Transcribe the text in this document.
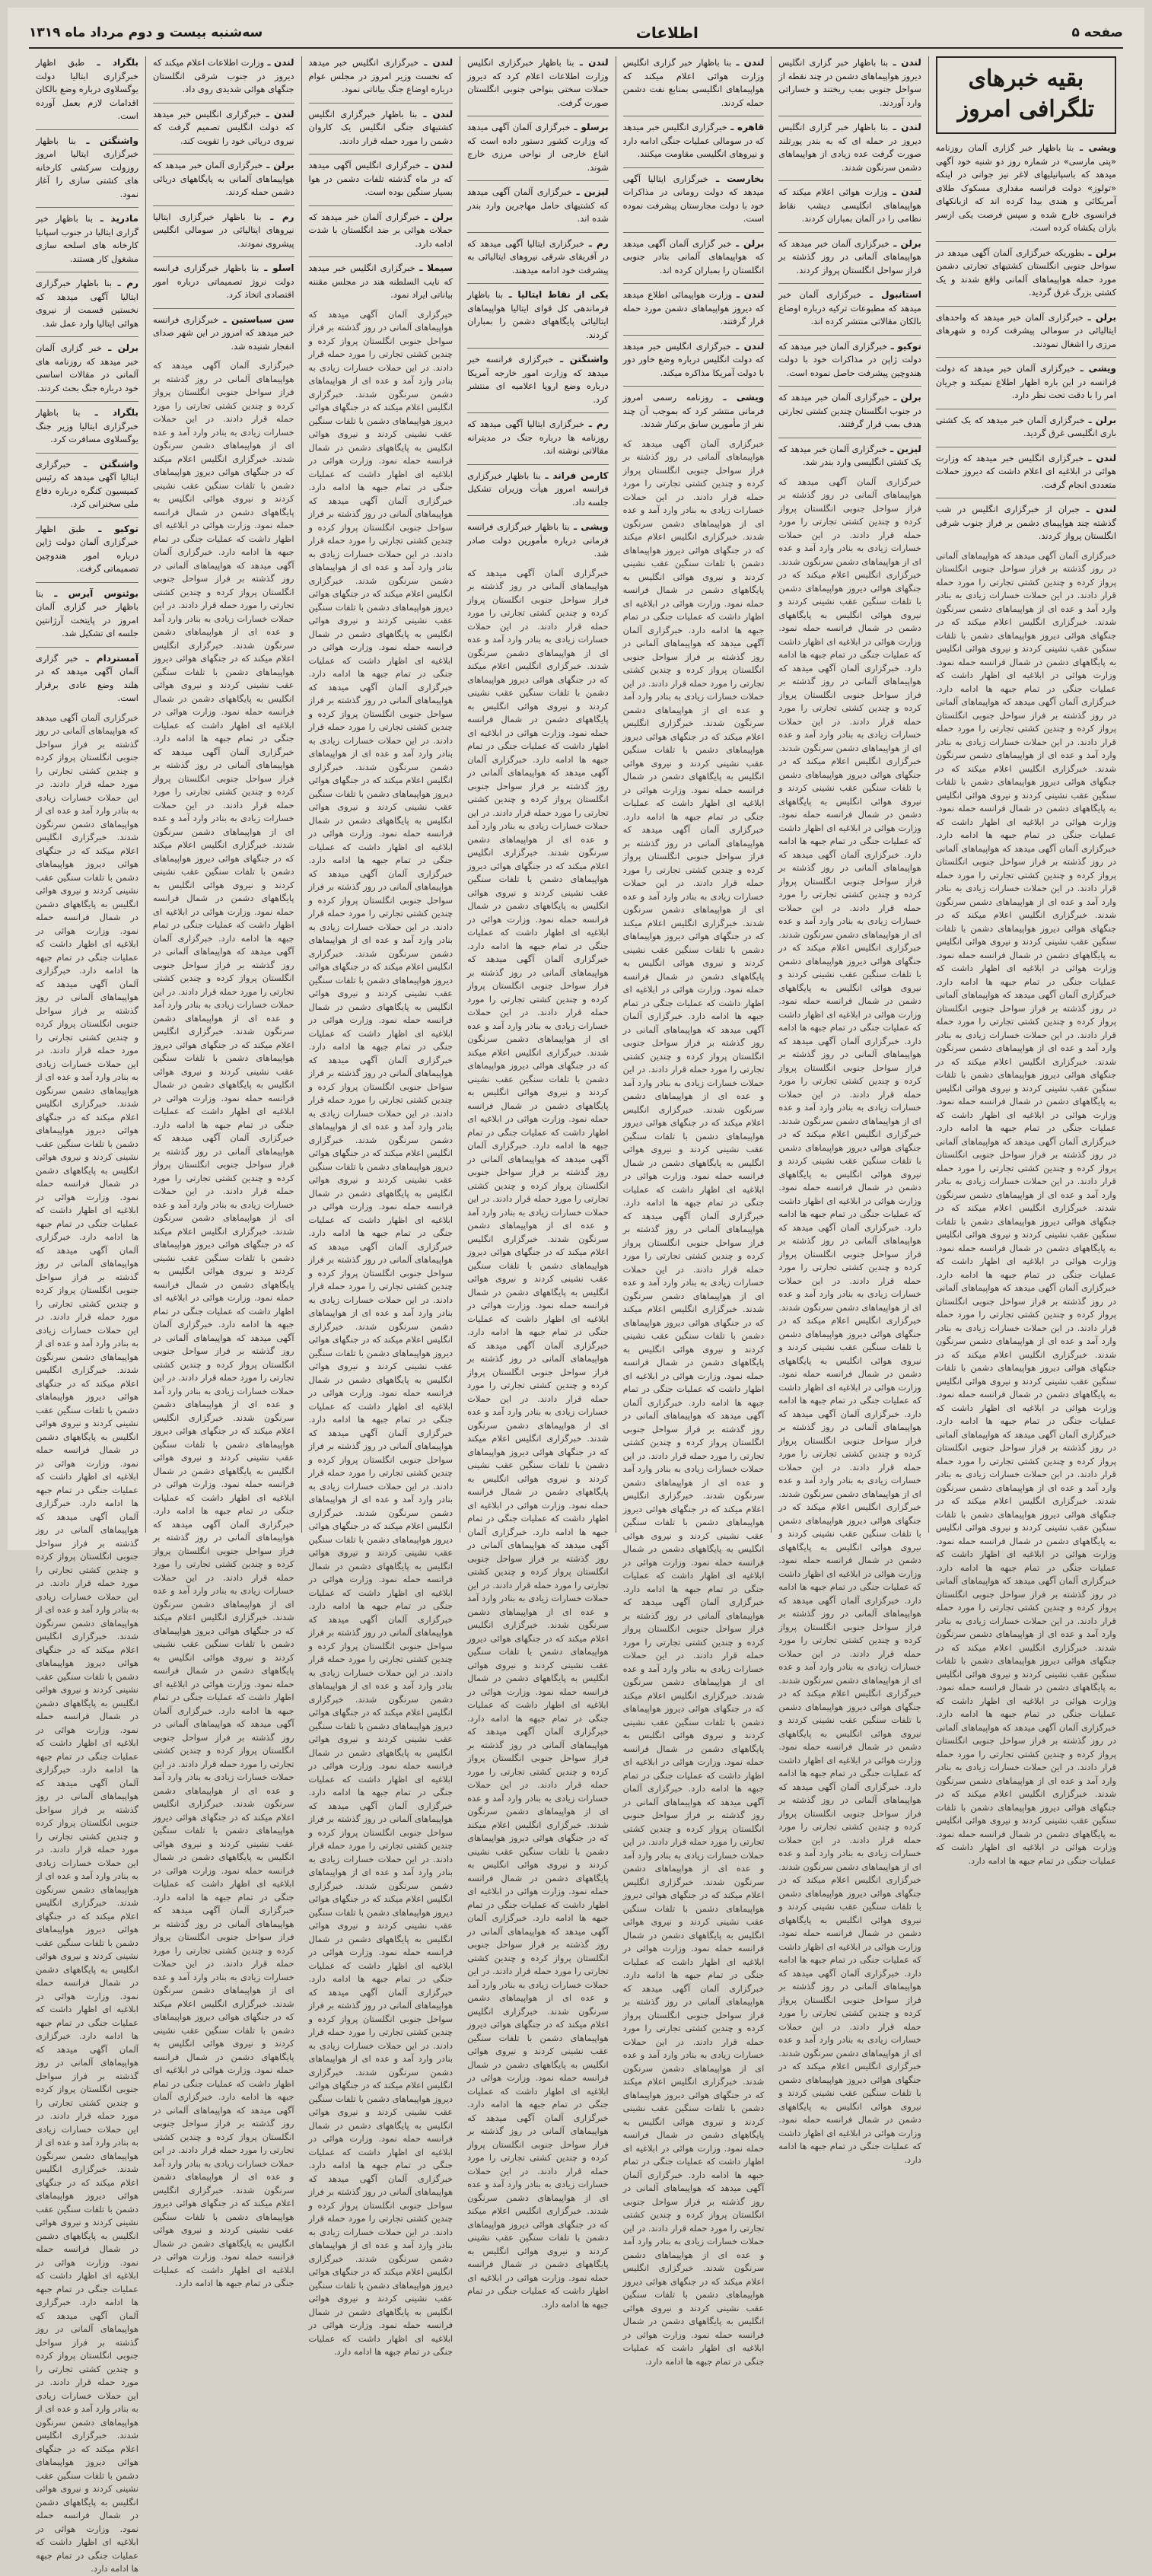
صفحه ۵
اطلاعات
سه‌شنبه بیست و دوم مرداد ماه ۱۳۱۹
بقیه خبرهای تلگرافی امروز

ویشی ـ بنا باظهار خبر گزاری آلمان روزنامه «پتی مارسی» در شماره روز دو شنبه خود آگهی میدهد که باسپانیلیهای لاغر نیز جوانی در اینکه «تولوز» دولت فرانسه مقداری مسکوک طلای آمریکائی و هندی بیدا کرده اند که ازبانکهای فرانسوی خارج شده و سپس فرصت یکی ازسر بازان یکشاه کرده است.

برلن ـ بطوریکه خبرگزاری آلمان آگهی میدهد در سواحل جنوبی انگلستان کشتیهای تجارتی دشمن مورد حمله هواپیماهای آلمانی واقع شدند و یک کشتی بزرگ غرق گردید.

برلن ـ خبرگزاری آلمان خبر میدهد که واحدهای ایتالیائی در سومالی پیشرفت کرده و شهرهای مرزی را اشغال نمودند.

ویشی ـ خبرگزاری آلمان خبر میدهد که دولت فرانسه در این باره اظهار اطلاع نمیکند و جریان امر را با دقت تحت نظر دارد.

برلن ـ خبرگزاری آلمان خبر میدهد که یک کشتی باری انگلیسی غرق گردید.

لندن ـ خبرگزاری انگلیس خبر میدهد که وزارت هوائی در ابلاغیه ای اعلام داشت که دیروز حملات متعددی انجام گرفت.

لندن ـ جبران از خبرگزاری انگلیس در شب گذشته چند هواپیمای دشمن بر فراز جنوب شرقی انگلستان پرواز کردند.

خبرگزاری آلمان آگهی میدهد که هواپیماهای آلمانی در روز گذشته بر فراز سواحل جنوبی انگلستان پرواز کرده و چندین کشتی تجارتی را مورد حمله قرار دادند. در این حملات خسارات زیادی به بنادر وارد آمد و عده ای از هواپیماهای دشمن سرنگون شدند. خبرگزاری انگلیس اعلام میکند که در جنگهای هوائی دیروز هواپیماهای دشمن با تلفات سنگین عقب نشینی کردند و نیروی هوائی انگلیس به پایگاههای دشمن در شمال فرانسه حمله نمود. وزارت هوائی در ابلاغیه ای اظهار داشت که عملیات جنگی در تمام جبهه ها ادامه دارد. خبرگزاری آلمان آگهی میدهد که هواپیماهای آلمانی در روز گذشته بر فراز سواحل جنوبی انگلستان پرواز کرده و چندین کشتی تجارتی را مورد حمله قرار دادند. در این حملات خسارات زیادی به بنادر وارد آمد و عده ای از هواپیماهای دشمن سرنگون شدند. خبرگزاری انگلیس اعلام میکند که در جنگهای هوائی دیروز هواپیماهای دشمن با تلفات سنگین عقب نشینی کردند و نیروی هوائی انگلیس به پایگاههای دشمن در شمال فرانسه حمله نمود. وزارت هوائی در ابلاغیه ای اظهار داشت که عملیات جنگی در تمام جبهه ها ادامه دارد. خبرگزاری آلمان آگهی میدهد که هواپیماهای آلمانی در روز گذشته بر فراز سواحل جنوبی انگلستان پرواز کرده و چندین کشتی تجارتی را مورد حمله قرار دادند. در این حملات خسارات زیادی به بنادر وارد آمد و عده ای از هواپیماهای دشمن سرنگون شدند. خبرگزاری انگلیس اعلام میکند که در جنگهای هوائی دیروز هواپیماهای دشمن با تلفات سنگین عقب نشینی کردند و نیروی هوائی انگلیس به پایگاههای دشمن در شمال فرانسه حمله نمود. وزارت هوائی در ابلاغیه ای اظهار داشت که عملیات جنگی در تمام جبهه ها ادامه دارد. خبرگزاری آلمان آگهی میدهد که هواپیماهای آلمانی در روز گذشته بر فراز سواحل جنوبی انگلستان پرواز کرده و چندین کشتی تجارتی را مورد حمله قرار دادند. در این حملات خسارات زیادی به بنادر وارد آمد و عده ای از هواپیماهای دشمن سرنگون شدند. خبرگزاری انگلیس اعلام میکند که در جنگهای هوائی دیروز هواپیماهای دشمن با تلفات سنگین عقب نشینی کردند و نیروی هوائی انگلیس به پایگاههای دشمن در شمال فرانسه حمله نمود. وزارت هوائی در ابلاغیه ای اظهار داشت که عملیات جنگی در تمام جبهه ها ادامه دارد. خبرگزاری آلمان آگهی میدهد که هواپیماهای آلمانی در روز گذشته بر فراز سواحل جنوبی انگلستان پرواز کرده و چندین کشتی تجارتی را مورد حمله قرار دادند. در این حملات خسارات زیادی به بنادر وارد آمد و عده ای از هواپیماهای دشمن سرنگون شدند. خبرگزاری انگلیس اعلام میکند که در جنگهای هوائی دیروز هواپیماهای دشمن با تلفات سنگین عقب نشینی کردند و نیروی هوائی انگلیس به پایگاههای دشمن در شمال فرانسه حمله نمود. وزارت هوائی در ابلاغیه ای اظهار داشت که عملیات جنگی در تمام جبهه ها ادامه دارد. خبرگزاری آلمان آگهی میدهد که هواپیماهای آلمانی در روز گذشته بر فراز سواحل جنوبی انگلستان پرواز کرده و چندین کشتی تجارتی را مورد حمله قرار دادند. در این حملات خسارات زیادی به بنادر وارد آمد و عده ای از هواپیماهای دشمن سرنگون شدند. خبرگزاری انگلیس اعلام میکند که در جنگهای هوائی دیروز هواپیماهای دشمن با تلفات سنگین عقب نشینی کردند و نیروی هوائی انگلیس به پایگاههای دشمن در شمال فرانسه حمله نمود. وزارت هوائی در ابلاغیه ای اظهار داشت که عملیات جنگی در تمام جبهه ها ادامه دارد. خبرگزاری آلمان آگهی میدهد که هواپیماهای آلمانی در روز گذشته بر فراز سواحل جنوبی انگلستان پرواز کرده و چندین کشتی تجارتی را مورد حمله قرار دادند. در این حملات خسارات زیادی به بنادر وارد آمد و عده ای از هواپیماهای دشمن سرنگون شدند. خبرگزاری انگلیس اعلام میکند که در جنگهای هوائی دیروز هواپیماهای دشمن با تلفات سنگین عقب نشینی کردند و نیروی هوائی انگلیس به پایگاههای دشمن در شمال فرانسه حمله نمود. وزارت هوائی در ابلاغیه ای اظهار داشت که عملیات جنگی در تمام جبهه ها ادامه دارد. خبرگزاری آلمان آگهی میدهد که هواپیماهای آلمانی در روز گذشته بر فراز سواحل جنوبی انگلستان پرواز کرده و چندین کشتی تجارتی را مورد حمله قرار دادند. در این حملات خسارات زیادی به بنادر وارد آمد و عده ای از هواپیماهای دشمن سرنگون شدند. خبرگزاری انگلیس اعلام میکند که در جنگهای هوائی دیروز هواپیماهای دشمن با تلفات سنگین عقب نشینی کردند و نیروی هوائی انگلیس به پایگاههای دشمن در شمال فرانسه حمله نمود. وزارت هوائی در ابلاغیه ای اظهار داشت که عملیات جنگی در تمام جبهه ها ادامه دارد. خبرگزاری آلمان آگهی میدهد که هواپیماهای آلمانی در روز گذشته بر فراز سواحل جنوبی انگلستان پرواز کرده و چندین کشتی تجارتی را مورد حمله قرار دادند. در این حملات خسارات زیادی به بنادر وارد آمد و عده ای از هواپیماهای دشمن سرنگون شدند. خبرگزاری انگلیس اعلام میکند که در جنگهای هوائی دیروز هواپیماهای دشمن با تلفات سنگین عقب نشینی کردند و نیروی هوائی انگلیس به پایگاههای دشمن در شمال فرانسه حمله نمود. وزارت هوائی در ابلاغیه ای اظهار داشت که عملیات جنگی در تمام جبهه ها ادامه دارد.

لندن ـ بنا باظهار خبر گزاری انگلیس دیروز هواپیماهای دشمن در چند نقطه از سواحل جنوبی بمب ریختند و خساراتی وارد آوردند.

لندن ـ بنا باظهار خبر گزاری انگلیس دیروز در حمله ای که به بندر پورتلند صورت گرفت عده زیادی از هواپیماهای دشمن سرنگون شدند.

لندن ـ وزارت هوائی اعلام میکند که هواپیماهای انگلیسی دیشب نقاط نظامی را در آلمان بمباران کردند.

برلن ـ خبرگزاری آلمان خبر میدهد که هواپیماهای آلمانی در روز گذشته بر فراز سواحل انگلستان پرواز کردند.

استانبول ـ خبرگزاری آلمان خبر میدهد که مطبوعات ترکیه درباره اوضاع بالکان مقالاتی منتشر کرده اند.

توکیو ـ خبرگزاری آلمان خبر میدهد که دولت ژاپن در مذاکرات خود با دولت هندوچین پیشرفت حاصل نموده است.

برلن ـ خبرگزاری آلمان خبر میدهد که در جنوب انگلستان چندین کشتی تجارتی هدف بمب قرار گرفتند.

لیزبن ـ خبرگزاری آلمان خبر میدهد که یک کشتی انگلیسی وارد بندر شد.

خبرگزاری آلمان آگهی میدهد که هواپیماهای آلمانی در روز گذشته بر فراز سواحل جنوبی انگلستان پرواز کرده و چندین کشتی تجارتی را مورد حمله قرار دادند. در این حملات خسارات زیادی به بنادر وارد آمد و عده ای از هواپیماهای دشمن سرنگون شدند. خبرگزاری انگلیس اعلام میکند که در جنگهای هوائی دیروز هواپیماهای دشمن با تلفات سنگین عقب نشینی کردند و نیروی هوائی انگلیس به پایگاههای دشمن در شمال فرانسه حمله نمود. وزارت هوائی در ابلاغیه ای اظهار داشت که عملیات جنگی در تمام جبهه ها ادامه دارد. خبرگزاری آلمان آگهی میدهد که هواپیماهای آلمانی در روز گذشته بر فراز سواحل جنوبی انگلستان پرواز کرده و چندین کشتی تجارتی را مورد حمله قرار دادند. در این حملات خسارات زیادی به بنادر وارد آمد و عده ای از هواپیماهای دشمن سرنگون شدند. خبرگزاری انگلیس اعلام میکند که در جنگهای هوائی دیروز هواپیماهای دشمن با تلفات سنگین عقب نشینی کردند و نیروی هوائی انگلیس به پایگاههای دشمن در شمال فرانسه حمله نمود. وزارت هوائی در ابلاغیه ای اظهار داشت که عملیات جنگی در تمام جبهه ها ادامه دارد. خبرگزاری آلمان آگهی میدهد که هواپیماهای آلمانی در روز گذشته بر فراز سواحل جنوبی انگلستان پرواز کرده و چندین کشتی تجارتی را مورد حمله قرار دادند. در این حملات خسارات زیادی به بنادر وارد آمد و عده ای از هواپیماهای دشمن سرنگون شدند. خبرگزاری انگلیس اعلام میکند که در جنگهای هوائی دیروز هواپیماهای دشمن با تلفات سنگین عقب نشینی کردند و نیروی هوائی انگلیس به پایگاههای دشمن در شمال فرانسه حمله نمود. وزارت هوائی در ابلاغیه ای اظهار داشت که عملیات جنگی در تمام جبهه ها ادامه دارد. خبرگزاری آلمان آگهی میدهد که هواپیماهای آلمانی در روز گذشته بر فراز سواحل جنوبی انگلستان پرواز کرده و چندین کشتی تجارتی را مورد حمله قرار دادند. در این حملات خسارات زیادی به بنادر وارد آمد و عده ای از هواپیماهای دشمن سرنگون شدند. خبرگزاری انگلیس اعلام میکند که در جنگهای هوائی دیروز هواپیماهای دشمن با تلفات سنگین عقب نشینی کردند و نیروی هوائی انگلیس به پایگاههای دشمن در شمال فرانسه حمله نمود. وزارت هوائی در ابلاغیه ای اظهار داشت که عملیات جنگی در تمام جبهه ها ادامه دارد. خبرگزاری آلمان آگهی میدهد که هواپیماهای آلمانی در روز گذشته بر فراز سواحل جنوبی انگلستان پرواز کرده و چندین کشتی تجارتی را مورد حمله قرار دادند. در این حملات خسارات زیادی به بنادر وارد آمد و عده ای از هواپیماهای دشمن سرنگون شدند. خبرگزاری انگلیس اعلام میکند که در جنگهای هوائی دیروز هواپیماهای دشمن با تلفات سنگین عقب نشینی کردند و نیروی هوائی انگلیس به پایگاههای دشمن در شمال فرانسه حمله نمود. وزارت هوائی در ابلاغیه ای اظهار داشت که عملیات جنگی در تمام جبهه ها ادامه دارد. خبرگزاری آلمان آگهی میدهد که هواپیماهای آلمانی در روز گذشته بر فراز سواحل جنوبی انگلستان پرواز کرده و چندین کشتی تجارتی را مورد حمله قرار دادند. در این حملات خسارات زیادی به بنادر وارد آمد و عده ای از هواپیماهای دشمن سرنگون شدند. خبرگزاری انگلیس اعلام میکند که در جنگهای هوائی دیروز هواپیماهای دشمن با تلفات سنگین عقب نشینی کردند و نیروی هوائی انگلیس به پایگاههای دشمن در شمال فرانسه حمله نمود. وزارت هوائی در ابلاغیه ای اظهار داشت که عملیات جنگی در تمام جبهه ها ادامه دارد. خبرگزاری آلمان آگهی میدهد که هواپیماهای آلمانی در روز گذشته بر فراز سواحل جنوبی انگلستان پرواز کرده و چندین کشتی تجارتی را مورد حمله قرار دادند. در این حملات خسارات زیادی به بنادر وارد آمد و عده ای از هواپیماهای دشمن سرنگون شدند. خبرگزاری انگلیس اعلام میکند که در جنگهای هوائی دیروز هواپیماهای دشمن با تلفات سنگین عقب نشینی کردند و نیروی هوائی انگلیس به پایگاههای دشمن در شمال فرانسه حمله نمود. وزارت هوائی در ابلاغیه ای اظهار داشت که عملیات جنگی در تمام جبهه ها ادامه دارد. خبرگزاری آلمان آگهی میدهد که هواپیماهای آلمانی در روز گذشته بر فراز سواحل جنوبی انگلستان پرواز کرده و چندین کشتی تجارتی را مورد حمله قرار دادند. در این حملات خسارات زیادی به بنادر وارد آمد و عده ای از هواپیماهای دشمن سرنگون شدند. خبرگزاری انگلیس اعلام میکند که در جنگهای هوائی دیروز هواپیماهای دشمن با تلفات سنگین عقب نشینی کردند و نیروی هوائی انگلیس به پایگاههای دشمن در شمال فرانسه حمله نمود. وزارت هوائی در ابلاغیه ای اظهار داشت که عملیات جنگی در تمام جبهه ها ادامه دارد. خبرگزاری آلمان آگهی میدهد که هواپیماهای آلمانی در روز گذشته بر فراز سواحل جنوبی انگلستان پرواز کرده و چندین کشتی تجارتی را مورد حمله قرار دادند. در این حملات خسارات زیادی به بنادر وارد آمد و عده ای از هواپیماهای دشمن سرنگون شدند. خبرگزاری انگلیس اعلام میکند که در جنگهای هوائی دیروز هواپیماهای دشمن با تلفات سنگین عقب نشینی کردند و نیروی هوائی انگلیس به پایگاههای دشمن در شمال فرانسه حمله نمود. وزارت هوائی در ابلاغیه ای اظهار داشت که عملیات جنگی در تمام جبهه ها ادامه دارد.

لندن ـ بنا باظهار خبر گزاری انگلیس وزارت هوائی اعلام میکند که هواپیماهای انگلیسی بمنابع نفت دشمن حمله کردند.

قاهره ـ خبرگزاری انگلیس خبر میدهد که در سومالی عملیات جنگی ادامه دارد و نیروهای انگلیسی مقاومت میکنند.

بخارست ـ خبرگزاری ایتالیا آگهی میدهد که دولت رومانی در مذاکرات خود با دولت مجارستان پیشرفت نموده است.

برلن ـ خبر گزاری آلمان آگهی میدهد که هواپیماهای آلمانی بنادر جنوبی انگلستان را بمباران کرده اند.

لندن ـ وزارت هواپیمائی اطلاع میدهد که دیروز هواپیماهای دشمن مورد حمله قرار گرفتند.

لندن ـ خبرگزاری انگلیس خبر میدهد که دولت انگلیس درباره وضع خاور دور با دولت آمریکا مذاکره میکند.

ویشی ـ روزنامه رسمی امروز فرمانی منتشر کرد که بموجب آن چند نفر از مأمورین سابق برکنار شدند.

خبرگزاری آلمان آگهی میدهد که هواپیماهای آلمانی در روز گذشته بر فراز سواحل جنوبی انگلستان پرواز کرده و چندین کشتی تجارتی را مورد حمله قرار دادند. در این حملات خسارات زیادی به بنادر وارد آمد و عده ای از هواپیماهای دشمن سرنگون شدند. خبرگزاری انگلیس اعلام میکند که در جنگهای هوائی دیروز هواپیماهای دشمن با تلفات سنگین عقب نشینی کردند و نیروی هوائی انگلیس به پایگاههای دشمن در شمال فرانسه حمله نمود. وزارت هوائی در ابلاغیه ای اظهار داشت که عملیات جنگی در تمام جبهه ها ادامه دارد. خبرگزاری آلمان آگهی میدهد که هواپیماهای آلمانی در روز گذشته بر فراز سواحل جنوبی انگلستان پرواز کرده و چندین کشتی تجارتی را مورد حمله قرار دادند. در این حملات خسارات زیادی به بنادر وارد آمد و عده ای از هواپیماهای دشمن سرنگون شدند. خبرگزاری انگلیس اعلام میکند که در جنگهای هوائی دیروز هواپیماهای دشمن با تلفات سنگین عقب نشینی کردند و نیروی هوائی انگلیس به پایگاههای دشمن در شمال فرانسه حمله نمود. وزارت هوائی در ابلاغیه ای اظهار داشت که عملیات جنگی در تمام جبهه ها ادامه دارد. خبرگزاری آلمان آگهی میدهد که هواپیماهای آلمانی در روز گذشته بر فراز سواحل جنوبی انگلستان پرواز کرده و چندین کشتی تجارتی را مورد حمله قرار دادند. در این حملات خسارات زیادی به بنادر وارد آمد و عده ای از هواپیماهای دشمن سرنگون شدند. خبرگزاری انگلیس اعلام میکند که در جنگهای هوائی دیروز هواپیماهای دشمن با تلفات سنگین عقب نشینی کردند و نیروی هوائی انگلیس به پایگاههای دشمن در شمال فرانسه حمله نمود. وزارت هوائی در ابلاغیه ای اظهار داشت که عملیات جنگی در تمام جبهه ها ادامه دارد. خبرگزاری آلمان آگهی میدهد که هواپیماهای آلمانی در روز گذشته بر فراز سواحل جنوبی انگلستان پرواز کرده و چندین کشتی تجارتی را مورد حمله قرار دادند. در این حملات خسارات زیادی به بنادر وارد آمد و عده ای از هواپیماهای دشمن سرنگون شدند. خبرگزاری انگلیس اعلام میکند که در جنگهای هوائی دیروز هواپیماهای دشمن با تلفات سنگین عقب نشینی کردند و نیروی هوائی انگلیس به پایگاههای دشمن در شمال فرانسه حمله نمود. وزارت هوائی در ابلاغیه ای اظهار داشت که عملیات جنگی در تمام جبهه ها ادامه دارد. خبرگزاری آلمان آگهی میدهد که هواپیماهای آلمانی در روز گذشته بر فراز سواحل جنوبی انگلستان پرواز کرده و چندین کشتی تجارتی را مورد حمله قرار دادند. در این حملات خسارات زیادی به بنادر وارد آمد و عده ای از هواپیماهای دشمن سرنگون شدند. خبرگزاری انگلیس اعلام میکند که در جنگهای هوائی دیروز هواپیماهای دشمن با تلفات سنگین عقب نشینی کردند و نیروی هوائی انگلیس به پایگاههای دشمن در شمال فرانسه حمله نمود. وزارت هوائی در ابلاغیه ای اظهار داشت که عملیات جنگی در تمام جبهه ها ادامه دارد. خبرگزاری آلمان آگهی میدهد که هواپیماهای آلمانی در روز گذشته بر فراز سواحل جنوبی انگلستان پرواز کرده و چندین کشتی تجارتی را مورد حمله قرار دادند. در این حملات خسارات زیادی به بنادر وارد آمد و عده ای از هواپیماهای دشمن سرنگون شدند. خبرگزاری انگلیس اعلام میکند که در جنگهای هوائی دیروز هواپیماهای دشمن با تلفات سنگین عقب نشینی کردند و نیروی هوائی انگلیس به پایگاههای دشمن در شمال فرانسه حمله نمود. وزارت هوائی در ابلاغیه ای اظهار داشت که عملیات جنگی در تمام جبهه ها ادامه دارد. خبرگزاری آلمان آگهی میدهد که هواپیماهای آلمانی در روز گذشته بر فراز سواحل جنوبی انگلستان پرواز کرده و چندین کشتی تجارتی را مورد حمله قرار دادند. در این حملات خسارات زیادی به بنادر وارد آمد و عده ای از هواپیماهای دشمن سرنگون شدند. خبرگزاری انگلیس اعلام میکند که در جنگهای هوائی دیروز هواپیماهای دشمن با تلفات سنگین عقب نشینی کردند و نیروی هوائی انگلیس به پایگاههای دشمن در شمال فرانسه حمله نمود. وزارت هوائی در ابلاغیه ای اظهار داشت که عملیات جنگی در تمام جبهه ها ادامه دارد. خبرگزاری آلمان آگهی میدهد که هواپیماهای آلمانی در روز گذشته بر فراز سواحل جنوبی انگلستان پرواز کرده و چندین کشتی تجارتی را مورد حمله قرار دادند. در این حملات خسارات زیادی به بنادر وارد آمد و عده ای از هواپیماهای دشمن سرنگون شدند. خبرگزاری انگلیس اعلام میکند که در جنگهای هوائی دیروز هواپیماهای دشمن با تلفات سنگین عقب نشینی کردند و نیروی هوائی انگلیس به پایگاههای دشمن در شمال فرانسه حمله نمود. وزارت هوائی در ابلاغیه ای اظهار داشت که عملیات جنگی در تمام جبهه ها ادامه دارد. خبرگزاری آلمان آگهی میدهد که هواپیماهای آلمانی در روز گذشته بر فراز سواحل جنوبی انگلستان پرواز کرده و چندین کشتی تجارتی را مورد حمله قرار دادند. در این حملات خسارات زیادی به بنادر وارد آمد و عده ای از هواپیماهای دشمن سرنگون شدند. خبرگزاری انگلیس اعلام میکند که در جنگهای هوائی دیروز هواپیماهای دشمن با تلفات سنگین عقب نشینی کردند و نیروی هوائی انگلیس به پایگاههای دشمن در شمال فرانسه حمله نمود. وزارت هوائی در ابلاغیه ای اظهار داشت که عملیات جنگی در تمام جبهه ها ادامه دارد. خبرگزاری آلمان آگهی میدهد که هواپیماهای آلمانی در روز گذشته بر فراز سواحل جنوبی انگلستان پرواز کرده و چندین کشتی تجارتی را مورد حمله قرار دادند. در این حملات خسارات زیادی به بنادر وارد آمد و عده ای از هواپیماهای دشمن سرنگون شدند. خبرگزاری انگلیس اعلام میکند که در جنگهای هوائی دیروز هواپیماهای دشمن با تلفات سنگین عقب نشینی کردند و نیروی هوائی انگلیس به پایگاههای دشمن در شمال فرانسه حمله نمود. وزارت هوائی در ابلاغیه ای اظهار داشت که عملیات جنگی در تمام جبهه ها ادامه دارد.

لندن ـ بنا باظهار خبرگزاری انگلیس وزارت اطلاعات اعلام کرد که دیروز حملات سختی بنواحی جنوبی انگلستان صورت گرفت.

برسلو ـ خبرگزاری آلمان آگهی میدهد که وزارت کشور دستور داده است که اتباع خارجی از نواحی مرزی خارج شوند.

لیزبن ـ خبرگزاری آلمان آگهی میدهد که کشتیهای حامل مهاجرین وارد بندر شده اند.

رم ـ خبرگزاری ایتالیا آگهی میدهد که در آفریقای شرقی نیروهای ایتالیائی به پیشرفت خود ادامه میدهند.

یکی از نقاط ایتالیا ـ بنا باظهار فرماندهی کل قوای ایتالیا هواپیماهای ایتالیائی پایگاههای دشمن را بمباران کردند.

واشنگتن ـ خبرگزاری فرانسه خبر میدهد که وزارت امور خارجه آمریکا درباره وضع اروپا اعلامیه ای منتشر کرد.

رم ـ خبرگزاری ایتالیا آگهی میدهد که روزنامه ها درباره جنگ در مدیترانه مقالاتی نوشته اند.

کارمن فراند ـ بنا باظهار خبرگزاری فرانسه امروز هیأت وزیران تشکیل جلسه داد.

ویشی ـ بنا باظهار خبرگزاری فرانسه فرمانی درباره مأمورین دولت صادر شد.

خبرگزاری آلمان آگهی میدهد که هواپیماهای آلمانی در روز گذشته بر فراز سواحل جنوبی انگلستان پرواز کرده و چندین کشتی تجارتی را مورد حمله قرار دادند. در این حملات خسارات زیادی به بنادر وارد آمد و عده ای از هواپیماهای دشمن سرنگون شدند. خبرگزاری انگلیس اعلام میکند که در جنگهای هوائی دیروز هواپیماهای دشمن با تلفات سنگین عقب نشینی کردند و نیروی هوائی انگلیس به پایگاههای دشمن در شمال فرانسه حمله نمود. وزارت هوائی در ابلاغیه ای اظهار داشت که عملیات جنگی در تمام جبهه ها ادامه دارد. خبرگزاری آلمان آگهی میدهد که هواپیماهای آلمانی در روز گذشته بر فراز سواحل جنوبی انگلستان پرواز کرده و چندین کشتی تجارتی را مورد حمله قرار دادند. در این حملات خسارات زیادی به بنادر وارد آمد و عده ای از هواپیماهای دشمن سرنگون شدند. خبرگزاری انگلیس اعلام میکند که در جنگهای هوائی دیروز هواپیماهای دشمن با تلفات سنگین عقب نشینی کردند و نیروی هوائی انگلیس به پایگاههای دشمن در شمال فرانسه حمله نمود. وزارت هوائی در ابلاغیه ای اظهار داشت که عملیات جنگی در تمام جبهه ها ادامه دارد. خبرگزاری آلمان آگهی میدهد که هواپیماهای آلمانی در روز گذشته بر فراز سواحل جنوبی انگلستان پرواز کرده و چندین کشتی تجارتی را مورد حمله قرار دادند. در این حملات خسارات زیادی به بنادر وارد آمد و عده ای از هواپیماهای دشمن سرنگون شدند. خبرگزاری انگلیس اعلام میکند که در جنگهای هوائی دیروز هواپیماهای دشمن با تلفات سنگین عقب نشینی کردند و نیروی هوائی انگلیس به پایگاههای دشمن در شمال فرانسه حمله نمود. وزارت هوائی در ابلاغیه ای اظهار داشت که عملیات جنگی در تمام جبهه ها ادامه دارد. خبرگزاری آلمان آگهی میدهد که هواپیماهای آلمانی در روز گذشته بر فراز سواحل جنوبی انگلستان پرواز کرده و چندین کشتی تجارتی را مورد حمله قرار دادند. در این حملات خسارات زیادی به بنادر وارد آمد و عده ای از هواپیماهای دشمن سرنگون شدند. خبرگزاری انگلیس اعلام میکند که در جنگهای هوائی دیروز هواپیماهای دشمن با تلفات سنگین عقب نشینی کردند و نیروی هوائی انگلیس به پایگاههای دشمن در شمال فرانسه حمله نمود. وزارت هوائی در ابلاغیه ای اظهار داشت که عملیات جنگی در تمام جبهه ها ادامه دارد. خبرگزاری آلمان آگهی میدهد که هواپیماهای آلمانی در روز گذشته بر فراز سواحل جنوبی انگلستان پرواز کرده و چندین کشتی تجارتی را مورد حمله قرار دادند. در این حملات خسارات زیادی به بنادر وارد آمد و عده ای از هواپیماهای دشمن سرنگون شدند. خبرگزاری انگلیس اعلام میکند که در جنگهای هوائی دیروز هواپیماهای دشمن با تلفات سنگین عقب نشینی کردند و نیروی هوائی انگلیس به پایگاههای دشمن در شمال فرانسه حمله نمود. وزارت هوائی در ابلاغیه ای اظهار داشت که عملیات جنگی در تمام جبهه ها ادامه دارد. خبرگزاری آلمان آگهی میدهد که هواپیماهای آلمانی در روز گذشته بر فراز سواحل جنوبی انگلستان پرواز کرده و چندین کشتی تجارتی را مورد حمله قرار دادند. در این حملات خسارات زیادی به بنادر وارد آمد و عده ای از هواپیماهای دشمن سرنگون شدند. خبرگزاری انگلیس اعلام میکند که در جنگهای هوائی دیروز هواپیماهای دشمن با تلفات سنگین عقب نشینی کردند و نیروی هوائی انگلیس به پایگاههای دشمن در شمال فرانسه حمله نمود. وزارت هوائی در ابلاغیه ای اظهار داشت که عملیات جنگی در تمام جبهه ها ادامه دارد. خبرگزاری آلمان آگهی میدهد که هواپیماهای آلمانی در روز گذشته بر فراز سواحل جنوبی انگلستان پرواز کرده و چندین کشتی تجارتی را مورد حمله قرار دادند. در این حملات خسارات زیادی به بنادر وارد آمد و عده ای از هواپیماهای دشمن سرنگون شدند. خبرگزاری انگلیس اعلام میکند که در جنگهای هوائی دیروز هواپیماهای دشمن با تلفات سنگین عقب نشینی کردند و نیروی هوائی انگلیس به پایگاههای دشمن در شمال فرانسه حمله نمود. وزارت هوائی در ابلاغیه ای اظهار داشت که عملیات جنگی در تمام جبهه ها ادامه دارد. خبرگزاری آلمان آگهی میدهد که هواپیماهای آلمانی در روز گذشته بر فراز سواحل جنوبی انگلستان پرواز کرده و چندین کشتی تجارتی را مورد حمله قرار دادند. در این حملات خسارات زیادی به بنادر وارد آمد و عده ای از هواپیماهای دشمن سرنگون شدند. خبرگزاری انگلیس اعلام میکند که در جنگهای هوائی دیروز هواپیماهای دشمن با تلفات سنگین عقب نشینی کردند و نیروی هوائی انگلیس به پایگاههای دشمن در شمال فرانسه حمله نمود. وزارت هوائی در ابلاغیه ای اظهار داشت که عملیات جنگی در تمام جبهه ها ادامه دارد. خبرگزاری آلمان آگهی میدهد که هواپیماهای آلمانی در روز گذشته بر فراز سواحل جنوبی انگلستان پرواز کرده و چندین کشتی تجارتی را مورد حمله قرار دادند. در این حملات خسارات زیادی به بنادر وارد آمد و عده ای از هواپیماهای دشمن سرنگون شدند. خبرگزاری انگلیس اعلام میکند که در جنگهای هوائی دیروز هواپیماهای دشمن با تلفات سنگین عقب نشینی کردند و نیروی هوائی انگلیس به پایگاههای دشمن در شمال فرانسه حمله نمود. وزارت هوائی در ابلاغیه ای اظهار داشت که عملیات جنگی در تمام جبهه ها ادامه دارد.

لندن ـ خبرگزاری انگلیس خبر میدهد که نخست وزیر امروز در مجلس عوام درباره اوضاع جنگ بیاناتی نمود.

لندن ـ بنا باظهار خبرگزاری انگلیس کشتیهای جنگی انگلیس یک کاروان دشمن را مورد حمله قرار دادند.

لندن ـ خبرگزاری انگلیس آگهی میدهد که در ماه گذشته تلفات دشمن در هوا بسیار سنگین بوده است.

برلن ـ خبرگزاری آلمان خبر میدهد که حملات هوائی بر ضد انگلستان با شدت ادامه دارد.

سیملا ـ خبرگزاری انگلیس خبر میدهد که نایب السلطنه هند در مجلس مقننه بیاناتی ایراد نمود.

خبرگزاری آلمان آگهی میدهد که هواپیماهای آلمانی در روز گذشته بر فراز سواحل جنوبی انگلستان پرواز کرده و چندین کشتی تجارتی را مورد حمله قرار دادند. در این حملات خسارات زیادی به بنادر وارد آمد و عده ای از هواپیماهای دشمن سرنگون شدند. خبرگزاری انگلیس اعلام میکند که در جنگهای هوائی دیروز هواپیماهای دشمن با تلفات سنگین عقب نشینی کردند و نیروی هوائی انگلیس به پایگاههای دشمن در شمال فرانسه حمله نمود. وزارت هوائی در ابلاغیه ای اظهار داشت که عملیات جنگی در تمام جبهه ها ادامه دارد. خبرگزاری آلمان آگهی میدهد که هواپیماهای آلمانی در روز گذشته بر فراز سواحل جنوبی انگلستان پرواز کرده و چندین کشتی تجارتی را مورد حمله قرار دادند. در این حملات خسارات زیادی به بنادر وارد آمد و عده ای از هواپیماهای دشمن سرنگون شدند. خبرگزاری انگلیس اعلام میکند که در جنگهای هوائی دیروز هواپیماهای دشمن با تلفات سنگین عقب نشینی کردند و نیروی هوائی انگلیس به پایگاههای دشمن در شمال فرانسه حمله نمود. وزارت هوائی در ابلاغیه ای اظهار داشت که عملیات جنگی در تمام جبهه ها ادامه دارد. خبرگزاری آلمان آگهی میدهد که هواپیماهای آلمانی در روز گذشته بر فراز سواحل جنوبی انگلستان پرواز کرده و چندین کشتی تجارتی را مورد حمله قرار دادند. در این حملات خسارات زیادی به بنادر وارد آمد و عده ای از هواپیماهای دشمن سرنگون شدند. خبرگزاری انگلیس اعلام میکند که در جنگهای هوائی دیروز هواپیماهای دشمن با تلفات سنگین عقب نشینی کردند و نیروی هوائی انگلیس به پایگاههای دشمن در شمال فرانسه حمله نمود. وزارت هوائی در ابلاغیه ای اظهار داشت که عملیات جنگی در تمام جبهه ها ادامه دارد. خبرگزاری آلمان آگهی میدهد که هواپیماهای آلمانی در روز گذشته بر فراز سواحل جنوبی انگلستان پرواز کرده و چندین کشتی تجارتی را مورد حمله قرار دادند. در این حملات خسارات زیادی به بنادر وارد آمد و عده ای از هواپیماهای دشمن سرنگون شدند. خبرگزاری انگلیس اعلام میکند که در جنگهای هوائی دیروز هواپیماهای دشمن با تلفات سنگین عقب نشینی کردند و نیروی هوائی انگلیس به پایگاههای دشمن در شمال فرانسه حمله نمود. وزارت هوائی در ابلاغیه ای اظهار داشت که عملیات جنگی در تمام جبهه ها ادامه دارد. خبرگزاری آلمان آگهی میدهد که هواپیماهای آلمانی در روز گذشته بر فراز سواحل جنوبی انگلستان پرواز کرده و چندین کشتی تجارتی را مورد حمله قرار دادند. در این حملات خسارات زیادی به بنادر وارد آمد و عده ای از هواپیماهای دشمن سرنگون شدند. خبرگزاری انگلیس اعلام میکند که در جنگهای هوائی دیروز هواپیماهای دشمن با تلفات سنگین عقب نشینی کردند و نیروی هوائی انگلیس به پایگاههای دشمن در شمال فرانسه حمله نمود. وزارت هوائی در ابلاغیه ای اظهار داشت که عملیات جنگی در تمام جبهه ها ادامه دارد. خبرگزاری آلمان آگهی میدهد که هواپیماهای آلمانی در روز گذشته بر فراز سواحل جنوبی انگلستان پرواز کرده و چندین کشتی تجارتی را مورد حمله قرار دادند. در این حملات خسارات زیادی به بنادر وارد آمد و عده ای از هواپیماهای دشمن سرنگون شدند. خبرگزاری انگلیس اعلام میکند که در جنگهای هوائی دیروز هواپیماهای دشمن با تلفات سنگین عقب نشینی کردند و نیروی هوائی انگلیس به پایگاههای دشمن در شمال فرانسه حمله نمود. وزارت هوائی در ابلاغیه ای اظهار داشت که عملیات جنگی در تمام جبهه ها ادامه دارد. خبرگزاری آلمان آگهی میدهد که هواپیماهای آلمانی در روز گذشته بر فراز سواحل جنوبی انگلستان پرواز کرده و چندین کشتی تجارتی را مورد حمله قرار دادند. در این حملات خسارات زیادی به بنادر وارد آمد و عده ای از هواپیماهای دشمن سرنگون شدند. خبرگزاری انگلیس اعلام میکند که در جنگهای هوائی دیروز هواپیماهای دشمن با تلفات سنگین عقب نشینی کردند و نیروی هوائی انگلیس به پایگاههای دشمن در شمال فرانسه حمله نمود. وزارت هوائی در ابلاغیه ای اظهار داشت که عملیات جنگی در تمام جبهه ها ادامه دارد. خبرگزاری آلمان آگهی میدهد که هواپیماهای آلمانی در روز گذشته بر فراز سواحل جنوبی انگلستان پرواز کرده و چندین کشتی تجارتی را مورد حمله قرار دادند. در این حملات خسارات زیادی به بنادر وارد آمد و عده ای از هواپیماهای دشمن سرنگون شدند. خبرگزاری انگلیس اعلام میکند که در جنگهای هوائی دیروز هواپیماهای دشمن با تلفات سنگین عقب نشینی کردند و نیروی هوائی انگلیس به پایگاههای دشمن در شمال فرانسه حمله نمود. وزارت هوائی در ابلاغیه ای اظهار داشت که عملیات جنگی در تمام جبهه ها ادامه دارد. خبرگزاری آلمان آگهی میدهد که هواپیماهای آلمانی در روز گذشته بر فراز سواحل جنوبی انگلستان پرواز کرده و چندین کشتی تجارتی را مورد حمله قرار دادند. در این حملات خسارات زیادی به بنادر وارد آمد و عده ای از هواپیماهای دشمن سرنگون شدند. خبرگزاری انگلیس اعلام میکند که در جنگهای هوائی دیروز هواپیماهای دشمن با تلفات سنگین عقب نشینی کردند و نیروی هوائی انگلیس به پایگاههای دشمن در شمال فرانسه حمله نمود. وزارت هوائی در ابلاغیه ای اظهار داشت که عملیات جنگی در تمام جبهه ها ادامه دارد. خبرگزاری آلمان آگهی میدهد که هواپیماهای آلمانی در روز گذشته بر فراز سواحل جنوبی انگلستان پرواز کرده و چندین کشتی تجارتی را مورد حمله قرار دادند. در این حملات خسارات زیادی به بنادر وارد آمد و عده ای از هواپیماهای دشمن سرنگون شدند. خبرگزاری انگلیس اعلام میکند که در جنگهای هوائی دیروز هواپیماهای دشمن با تلفات سنگین عقب نشینی کردند و نیروی هوائی انگلیس به پایگاههای دشمن در شمال فرانسه حمله نمود. وزارت هوائی در ابلاغیه ای اظهار داشت که عملیات جنگی در تمام جبهه ها ادامه دارد. خبرگزاری آلمان آگهی میدهد که هواپیماهای آلمانی در روز گذشته بر فراز سواحل جنوبی انگلستان پرواز کرده و چندین کشتی تجارتی را مورد حمله قرار دادند. در این حملات خسارات زیادی به بنادر وارد آمد و عده ای از هواپیماهای دشمن سرنگون شدند. خبرگزاری انگلیس اعلام میکند که در جنگهای هوائی دیروز هواپیماهای دشمن با تلفات سنگین عقب نشینی کردند و نیروی هوائی انگلیس به پایگاههای دشمن در شمال فرانسه حمله نمود. وزارت هوائی در ابلاغیه ای اظهار داشت که عملیات جنگی در تمام جبهه ها ادامه دارد.

لندن ـ وزارت اطلاعات اعلام میکند که دیروز در جنوب شرقی انگلستان جنگهای هوائی شدیدی روی داد.

لندن ـ خبرگزاری انگلیس خبر میدهد که دولت انگلیس تصمیم گرفت که نیروی دریائی خود را تقویت کند.

برلن ـ خبرگزاری آلمان خبر میدهد که هواپیماهای آلمانی به پایگاههای دریائی دشمن حمله کردند.

رم ـ بنا باظهار خبرگزاری ایتالیا نیروهای ایتالیائی در سومالی انگلیس پیشروی نمودند.

اسلو ـ بنا باظهار خبرگزاری فرانسه دولت نروژ تصمیماتی درباره امور اقتصادی اتخاذ کرد.

سن سباستین ـ خبرگزاری فرانسه خبر میدهد که امروز در این شهر صدای انفجار شنیده شد.

خبرگزاری آلمان آگهی میدهد که هواپیماهای آلمانی در روز گذشته بر فراز سواحل جنوبی انگلستان پرواز کرده و چندین کشتی تجارتی را مورد حمله قرار دادند. در این حملات خسارات زیادی به بنادر وارد آمد و عده ای از هواپیماهای دشمن سرنگون شدند. خبرگزاری انگلیس اعلام میکند که در جنگهای هوائی دیروز هواپیماهای دشمن با تلفات سنگین عقب نشینی کردند و نیروی هوائی انگلیس به پایگاههای دشمن در شمال فرانسه حمله نمود. وزارت هوائی در ابلاغیه ای اظهار داشت که عملیات جنگی در تمام جبهه ها ادامه دارد. خبرگزاری آلمان آگهی میدهد که هواپیماهای آلمانی در روز گذشته بر فراز سواحل جنوبی انگلستان پرواز کرده و چندین کشتی تجارتی را مورد حمله قرار دادند. در این حملات خسارات زیادی به بنادر وارد آمد و عده ای از هواپیماهای دشمن سرنگون شدند. خبرگزاری انگلیس اعلام میکند که در جنگهای هوائی دیروز هواپیماهای دشمن با تلفات سنگین عقب نشینی کردند و نیروی هوائی انگلیس به پایگاههای دشمن در شمال فرانسه حمله نمود. وزارت هوائی در ابلاغیه ای اظهار داشت که عملیات جنگی در تمام جبهه ها ادامه دارد. خبرگزاری آلمان آگهی میدهد که هواپیماهای آلمانی در روز گذشته بر فراز سواحل جنوبی انگلستان پرواز کرده و چندین کشتی تجارتی را مورد حمله قرار دادند. در این حملات خسارات زیادی به بنادر وارد آمد و عده ای از هواپیماهای دشمن سرنگون شدند. خبرگزاری انگلیس اعلام میکند که در جنگهای هوائی دیروز هواپیماهای دشمن با تلفات سنگین عقب نشینی کردند و نیروی هوائی انگلیس به پایگاههای دشمن در شمال فرانسه حمله نمود. وزارت هوائی در ابلاغیه ای اظهار داشت که عملیات جنگی در تمام جبهه ها ادامه دارد. خبرگزاری آلمان آگهی میدهد که هواپیماهای آلمانی در روز گذشته بر فراز سواحل جنوبی انگلستان پرواز کرده و چندین کشتی تجارتی را مورد حمله قرار دادند. در این حملات خسارات زیادی به بنادر وارد آمد و عده ای از هواپیماهای دشمن سرنگون شدند. خبرگزاری انگلیس اعلام میکند که در جنگهای هوائی دیروز هواپیماهای دشمن با تلفات سنگین عقب نشینی کردند و نیروی هوائی انگلیس به پایگاههای دشمن در شمال فرانسه حمله نمود. وزارت هوائی در ابلاغیه ای اظهار داشت که عملیات جنگی در تمام جبهه ها ادامه دارد. خبرگزاری آلمان آگهی میدهد که هواپیماهای آلمانی در روز گذشته بر فراز سواحل جنوبی انگلستان پرواز کرده و چندین کشتی تجارتی را مورد حمله قرار دادند. در این حملات خسارات زیادی به بنادر وارد آمد و عده ای از هواپیماهای دشمن سرنگون شدند. خبرگزاری انگلیس اعلام میکند که در جنگهای هوائی دیروز هواپیماهای دشمن با تلفات سنگین عقب نشینی کردند و نیروی هوائی انگلیس به پایگاههای دشمن در شمال فرانسه حمله نمود. وزارت هوائی در ابلاغیه ای اظهار داشت که عملیات جنگی در تمام جبهه ها ادامه دارد. خبرگزاری آلمان آگهی میدهد که هواپیماهای آلمانی در روز گذشته بر فراز سواحل جنوبی انگلستان پرواز کرده و چندین کشتی تجارتی را مورد حمله قرار دادند. در این حملات خسارات زیادی به بنادر وارد آمد و عده ای از هواپیماهای دشمن سرنگون شدند. خبرگزاری انگلیس اعلام میکند که در جنگهای هوائی دیروز هواپیماهای دشمن با تلفات سنگین عقب نشینی کردند و نیروی هوائی انگلیس به پایگاههای دشمن در شمال فرانسه حمله نمود. وزارت هوائی در ابلاغیه ای اظهار داشت که عملیات جنگی در تمام جبهه ها ادامه دارد. خبرگزاری آلمان آگهی میدهد که هواپیماهای آلمانی در روز گذشته بر فراز سواحل جنوبی انگلستان پرواز کرده و چندین کشتی تجارتی را مورد حمله قرار دادند. در این حملات خسارات زیادی به بنادر وارد آمد و عده ای از هواپیماهای دشمن سرنگون شدند. خبرگزاری انگلیس اعلام میکند که در جنگهای هوائی دیروز هواپیماهای دشمن با تلفات سنگین عقب نشینی کردند و نیروی هوائی انگلیس به پایگاههای دشمن در شمال فرانسه حمله نمود. وزارت هوائی در ابلاغیه ای اظهار داشت که عملیات جنگی در تمام جبهه ها ادامه دارد. خبرگزاری آلمان آگهی میدهد که هواپیماهای آلمانی در روز گذشته بر فراز سواحل جنوبی انگلستان پرواز کرده و چندین کشتی تجارتی را مورد حمله قرار دادند. در این حملات خسارات زیادی به بنادر وارد آمد و عده ای از هواپیماهای دشمن سرنگون شدند. خبرگزاری انگلیس اعلام میکند که در جنگهای هوائی دیروز هواپیماهای دشمن با تلفات سنگین عقب نشینی کردند و نیروی هوائی انگلیس به پایگاههای دشمن در شمال فرانسه حمله نمود. وزارت هوائی در ابلاغیه ای اظهار داشت که عملیات جنگی در تمام جبهه ها ادامه دارد. خبرگزاری آلمان آگهی میدهد که هواپیماهای آلمانی در روز گذشته بر فراز سواحل جنوبی انگلستان پرواز کرده و چندین کشتی تجارتی را مورد حمله قرار دادند. در این حملات خسارات زیادی به بنادر وارد آمد و عده ای از هواپیماهای دشمن سرنگون شدند. خبرگزاری انگلیس اعلام میکند که در جنگهای هوائی دیروز هواپیماهای دشمن با تلفات سنگین عقب نشینی کردند و نیروی هوائی انگلیس به پایگاههای دشمن در شمال فرانسه حمله نمود. وزارت هوائی در ابلاغیه ای اظهار داشت که عملیات جنگی در تمام جبهه ها ادامه دارد. خبرگزاری آلمان آگهی میدهد که هواپیماهای آلمانی در روز گذشته بر فراز سواحل جنوبی انگلستان پرواز کرده و چندین کشتی تجارتی را مورد حمله قرار دادند. در این حملات خسارات زیادی به بنادر وارد آمد و عده ای از هواپیماهای دشمن سرنگون شدند. خبرگزاری انگلیس اعلام میکند که در جنگهای هوائی دیروز هواپیماهای دشمن با تلفات سنگین عقب نشینی کردند و نیروی هوائی انگلیس به پایگاههای دشمن در شمال فرانسه حمله نمود. وزارت هوائی در ابلاغیه ای اظهار داشت که عملیات جنگی در تمام جبهه ها ادامه دارد.

بلگراد ـ طبق اظهار خبرگزاری ایتالیا دولت یوگسلاوی درباره وضع بالکان اقدامات لازم بعمل آورده است.

واشنگتن ـ بنا باظهار خبرگزاری ایتالیا امروز روزولت سرکشی کارخانه های کشتی سازی را آغاز نمود.

مادرید ـ بنا باظهار خبر گزاری ایتالیا در جنوب اسپانیا کارخانه های اسلحه سازی مشغول کار هستند.

رم ـ بنا باظهار خبرگزاری ایتالیا آگهی میدهد که نخستین قسمت از نیروی هوائی ایتالیا وارد عمل شد.

برلن ـ خبر گزاری آلمان خبر میدهد که روزنامه های آلمانی در مقالات اساسی خود درباره جنگ بحث کردند.

بلگراد ـ بنا باظهار خبرگزاری ایتالیا وزیر جنگ یوگسلاوی مسافرت کرد.

واشنگتن ـ خبرگزاری ایتالیا آگهی میدهد که رئیس کمیسیون کنگره درباره دفاع ملی سخنرانی کرد.

توکیو ـ طبق اظهار خبرگزاری آلمان دولت ژاپن درباره امور هندوچین تصمیماتی گرفت.

بوئنوس آیرس ـ بنا باظهار خبر گزاری آلمان امروز در پایتخت آرژانتین جلسه ای تشکیل شد.

آمستردام ـ خبر گزاری آلمان آگهی میدهد که در هلند وضع عادی برقرار است.

خبرگزاری آلمان آگهی میدهد که هواپیماهای آلمانی در روز گذشته بر فراز سواحل جنوبی انگلستان پرواز کرده و چندین کشتی تجارتی را مورد حمله قرار دادند. در این حملات خسارات زیادی به بنادر وارد آمد و عده ای از هواپیماهای دشمن سرنگون شدند. خبرگزاری انگلیس اعلام میکند که در جنگهای هوائی دیروز هواپیماهای دشمن با تلفات سنگین عقب نشینی کردند و نیروی هوائی انگلیس به پایگاههای دشمن در شمال فرانسه حمله نمود. وزارت هوائی در ابلاغیه ای اظهار داشت که عملیات جنگی در تمام جبهه ها ادامه دارد. خبرگزاری آلمان آگهی میدهد که هواپیماهای آلمانی در روز گذشته بر فراز سواحل جنوبی انگلستان پرواز کرده و چندین کشتی تجارتی را مورد حمله قرار دادند. در این حملات خسارات زیادی به بنادر وارد آمد و عده ای از هواپیماهای دشمن سرنگون شدند. خبرگزاری انگلیس اعلام میکند که در جنگهای هوائی دیروز هواپیماهای دشمن با تلفات سنگین عقب نشینی کردند و نیروی هوائی انگلیس به پایگاههای دشمن در شمال فرانسه حمله نمود. وزارت هوائی در ابلاغیه ای اظهار داشت که عملیات جنگی در تمام جبهه ها ادامه دارد. خبرگزاری آلمان آگهی میدهد که هواپیماهای آلمانی در روز گذشته بر فراز سواحل جنوبی انگلستان پرواز کرده و چندین کشتی تجارتی را مورد حمله قرار دادند. در این حملات خسارات زیادی به بنادر وارد آمد و عده ای از هواپیماهای دشمن سرنگون شدند. خبرگزاری انگلیس اعلام میکند که در جنگهای هوائی دیروز هواپیماهای دشمن با تلفات سنگین عقب نشینی کردند و نیروی هوائی انگلیس به پایگاههای دشمن در شمال فرانسه حمله نمود. وزارت هوائی در ابلاغیه ای اظهار داشت که عملیات جنگی در تمام جبهه ها ادامه دارد. خبرگزاری آلمان آگهی میدهد که هواپیماهای آلمانی در روز گذشته بر فراز سواحل جنوبی انگلستان پرواز کرده و چندین کشتی تجارتی را مورد حمله قرار دادند. در این حملات خسارات زیادی به بنادر وارد آمد و عده ای از هواپیماهای دشمن سرنگون شدند. خبرگزاری انگلیس اعلام میکند که در جنگهای هوائی دیروز هواپیماهای دشمن با تلفات سنگین عقب نشینی کردند و نیروی هوائی انگلیس به پایگاههای دشمن در شمال فرانسه حمله نمود. وزارت هوائی در ابلاغیه ای اظهار داشت که عملیات جنگی در تمام جبهه ها ادامه دارد. خبرگزاری آلمان آگهی میدهد که هواپیماهای آلمانی در روز گذشته بر فراز سواحل جنوبی انگلستان پرواز کرده و چندین کشتی تجارتی را مورد حمله قرار دادند. در این حملات خسارات زیادی به بنادر وارد آمد و عده ای از هواپیماهای دشمن سرنگون شدند. خبرگزاری انگلیس اعلام میکند که در جنگهای هوائی دیروز هواپیماهای دشمن با تلفات سنگین عقب نشینی کردند و نیروی هوائی انگلیس به پایگاههای دشمن در شمال فرانسه حمله نمود. وزارت هوائی در ابلاغیه ای اظهار داشت که عملیات جنگی در تمام جبهه ها ادامه دارد. خبرگزاری آلمان آگهی میدهد که هواپیماهای آلمانی در روز گذشته بر فراز سواحل جنوبی انگلستان پرواز کرده و چندین کشتی تجارتی را مورد حمله قرار دادند. در این حملات خسارات زیادی به بنادر وارد آمد و عده ای از هواپیماهای دشمن سرنگون شدند. خبرگزاری انگلیس اعلام میکند که در جنگهای هوائی دیروز هواپیماهای دشمن با تلفات سنگین عقب نشینی کردند و نیروی هوائی انگلیس به پایگاههای دشمن در شمال فرانسه حمله نمود. وزارت هوائی در ابلاغیه ای اظهار داشت که عملیات جنگی در تمام جبهه ها ادامه دارد. خبرگزاری آلمان آگهی میدهد که هواپیماهای آلمانی در روز گذشته بر فراز سواحل جنوبی انگلستان پرواز کرده و چندین کشتی تجارتی را مورد حمله قرار دادند. در این حملات خسارات زیادی به بنادر وارد آمد و عده ای از هواپیماهای دشمن سرنگون شدند. خبرگزاری انگلیس اعلام میکند که در جنگهای هوائی دیروز هواپیماهای دشمن با تلفات سنگین عقب نشینی کردند و نیروی هوائی انگلیس به پایگاههای دشمن در شمال فرانسه حمله نمود. وزارت هوائی در ابلاغیه ای اظهار داشت که عملیات جنگی در تمام جبهه ها ادامه دارد.
